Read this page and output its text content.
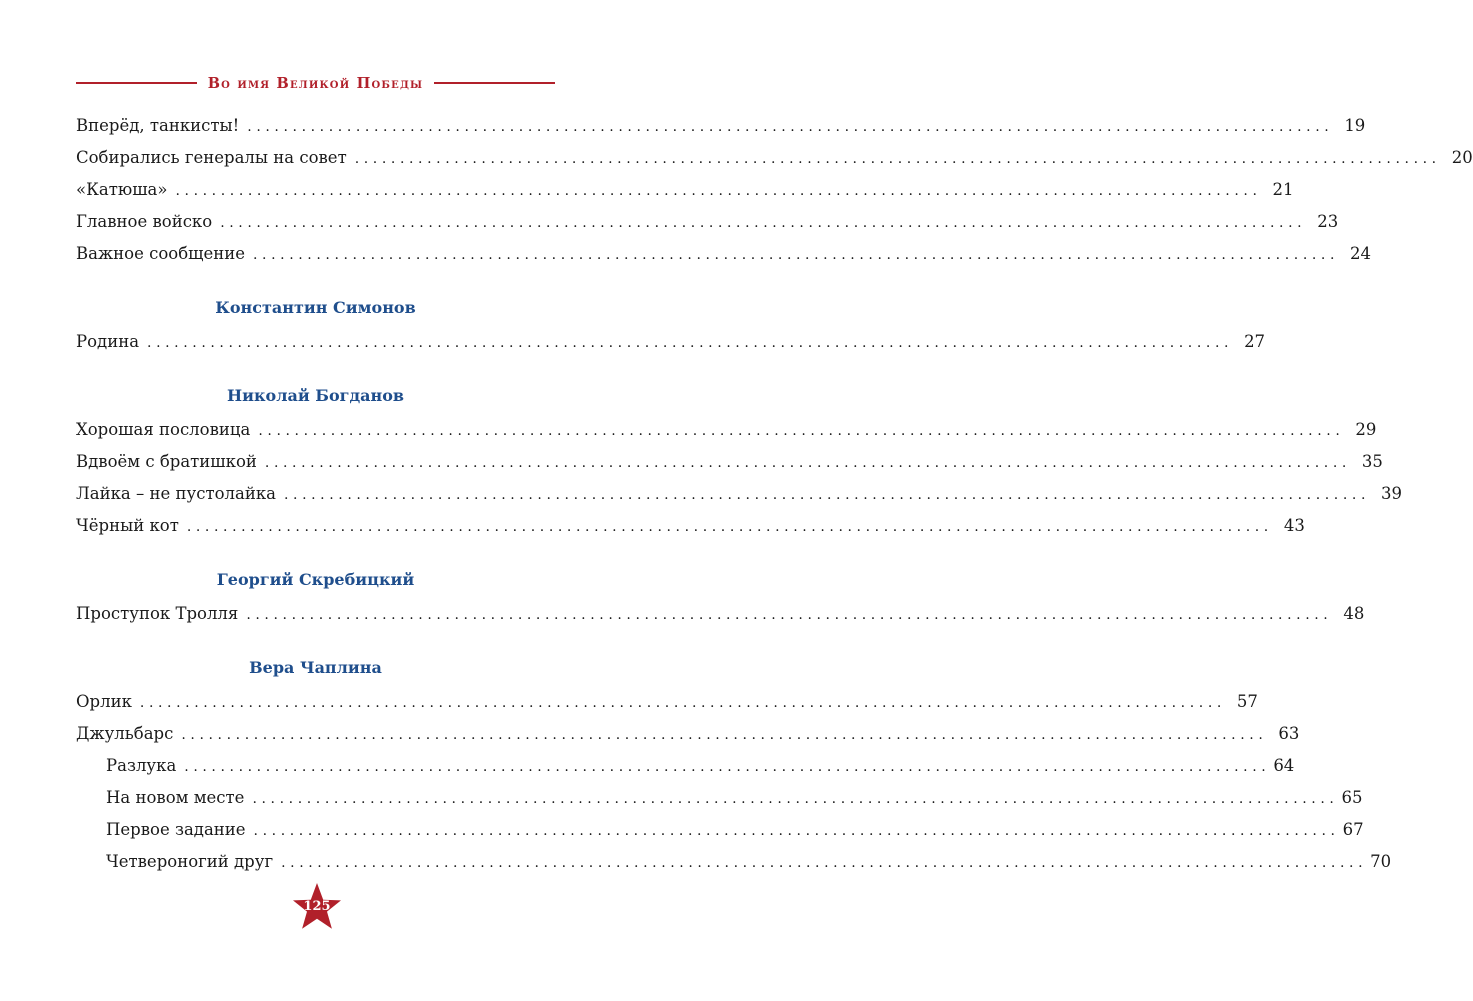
Во имя Великой Победы
Вперёд, танкисты! ........................................................................................................................ 19
Собирались генералы на совет ........................................................................................................................ 20
«Катюша» ........................................................................................................................ 21
Главное войско ........................................................................................................................ 23
Важное сообщение ........................................................................................................................ 24
Константин Симонов
Родина ........................................................................................................................ 27
Николай Богданов
Хорошая пословица ........................................................................................................................ 29
Вдвоём с братишкой ........................................................................................................................ 35
Лайка – не пустолайка ........................................................................................................................ 39
Чёрный кот ........................................................................................................................ 43
Георгий Скребицкий
Проступок Тролля ........................................................................................................................ 48
Вера Чаплина
Орлик ........................................................................................................................ 57
Джульбарс ........................................................................................................................ 63
Разлука ........................................................................................................................ 64
На новом месте ........................................................................................................................ 65
Первое задание ........................................................................................................................ 67
Четвероногий друг ........................................................................................................................ 70
125
